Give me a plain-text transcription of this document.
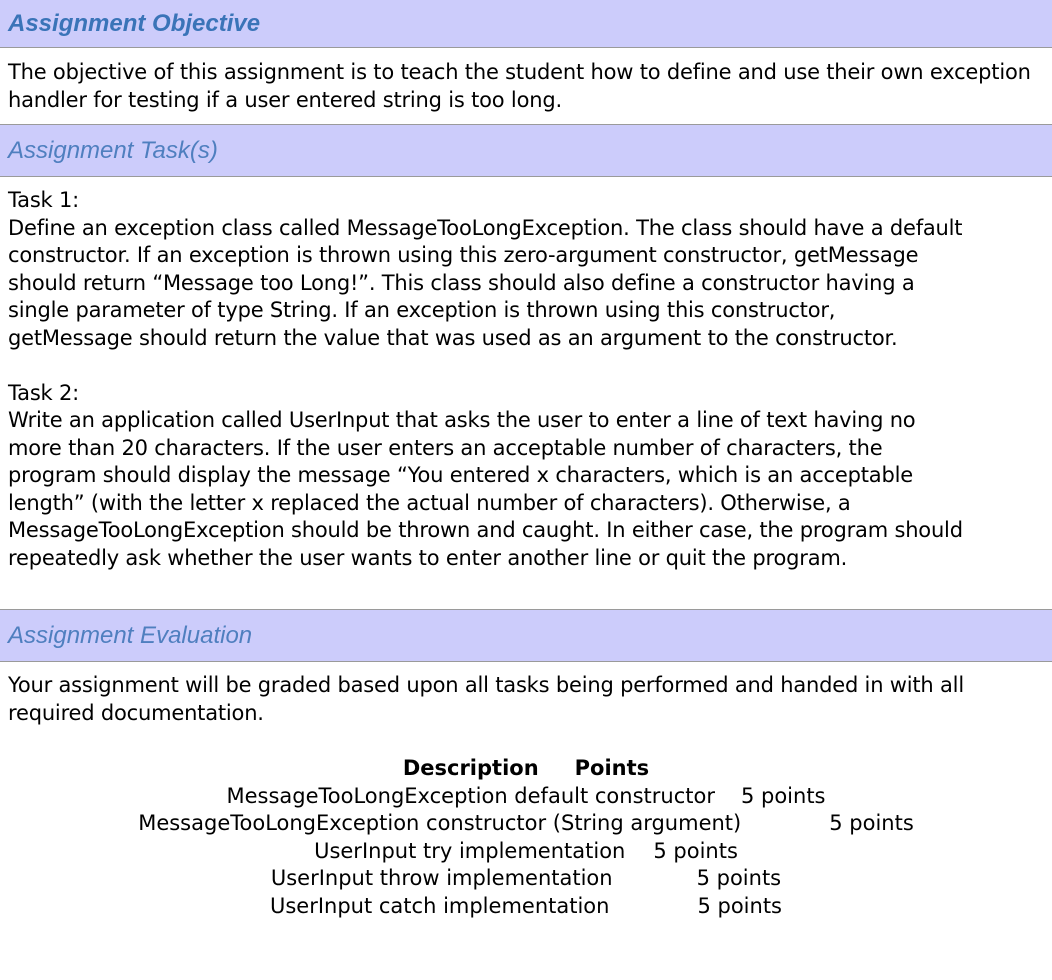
Assignment Objective

The objective of this assignment is to teach the student how to define and use their own exception handler for testing if a user entered string is too long.

Assignment Task(s)

Task 1:

Define an exception class called MessageTooLongException. The class should have a default

constructor. If an exception is thrown using this zero-argument constructor, getMessage

should return “Message too Long!”. This class should also define a constructor having a

single parameter of type String. If an exception is thrown using this constructor,

getMessage should return the value that was used as an argument to the constructor.

Task 2:

Write an application called UserInput that asks the user to enter a line of text having no

more than 20 characters. If the user enters an acceptable number of characters, the

program should display the message “You entered x characters, which is an acceptable

length” (with the letter x replaced the actual number of characters). Otherwise, a

MessageTooLongException should be thrown and caught. In either case, the program should

repeatedly ask whether the user wants to enter another line or quit the program.

Assignment Evaluation

Your assignment will be graded based upon all tasks being performed and handed in with all

required documentation.

Description Points
MessageTooLongException default constructor 5 points
MessageTooLongException constructor (String argument)	5 points
UserInput try implementation 5 points
UserInput throw implementation	5 points
UserInput catch implementation	5 points
